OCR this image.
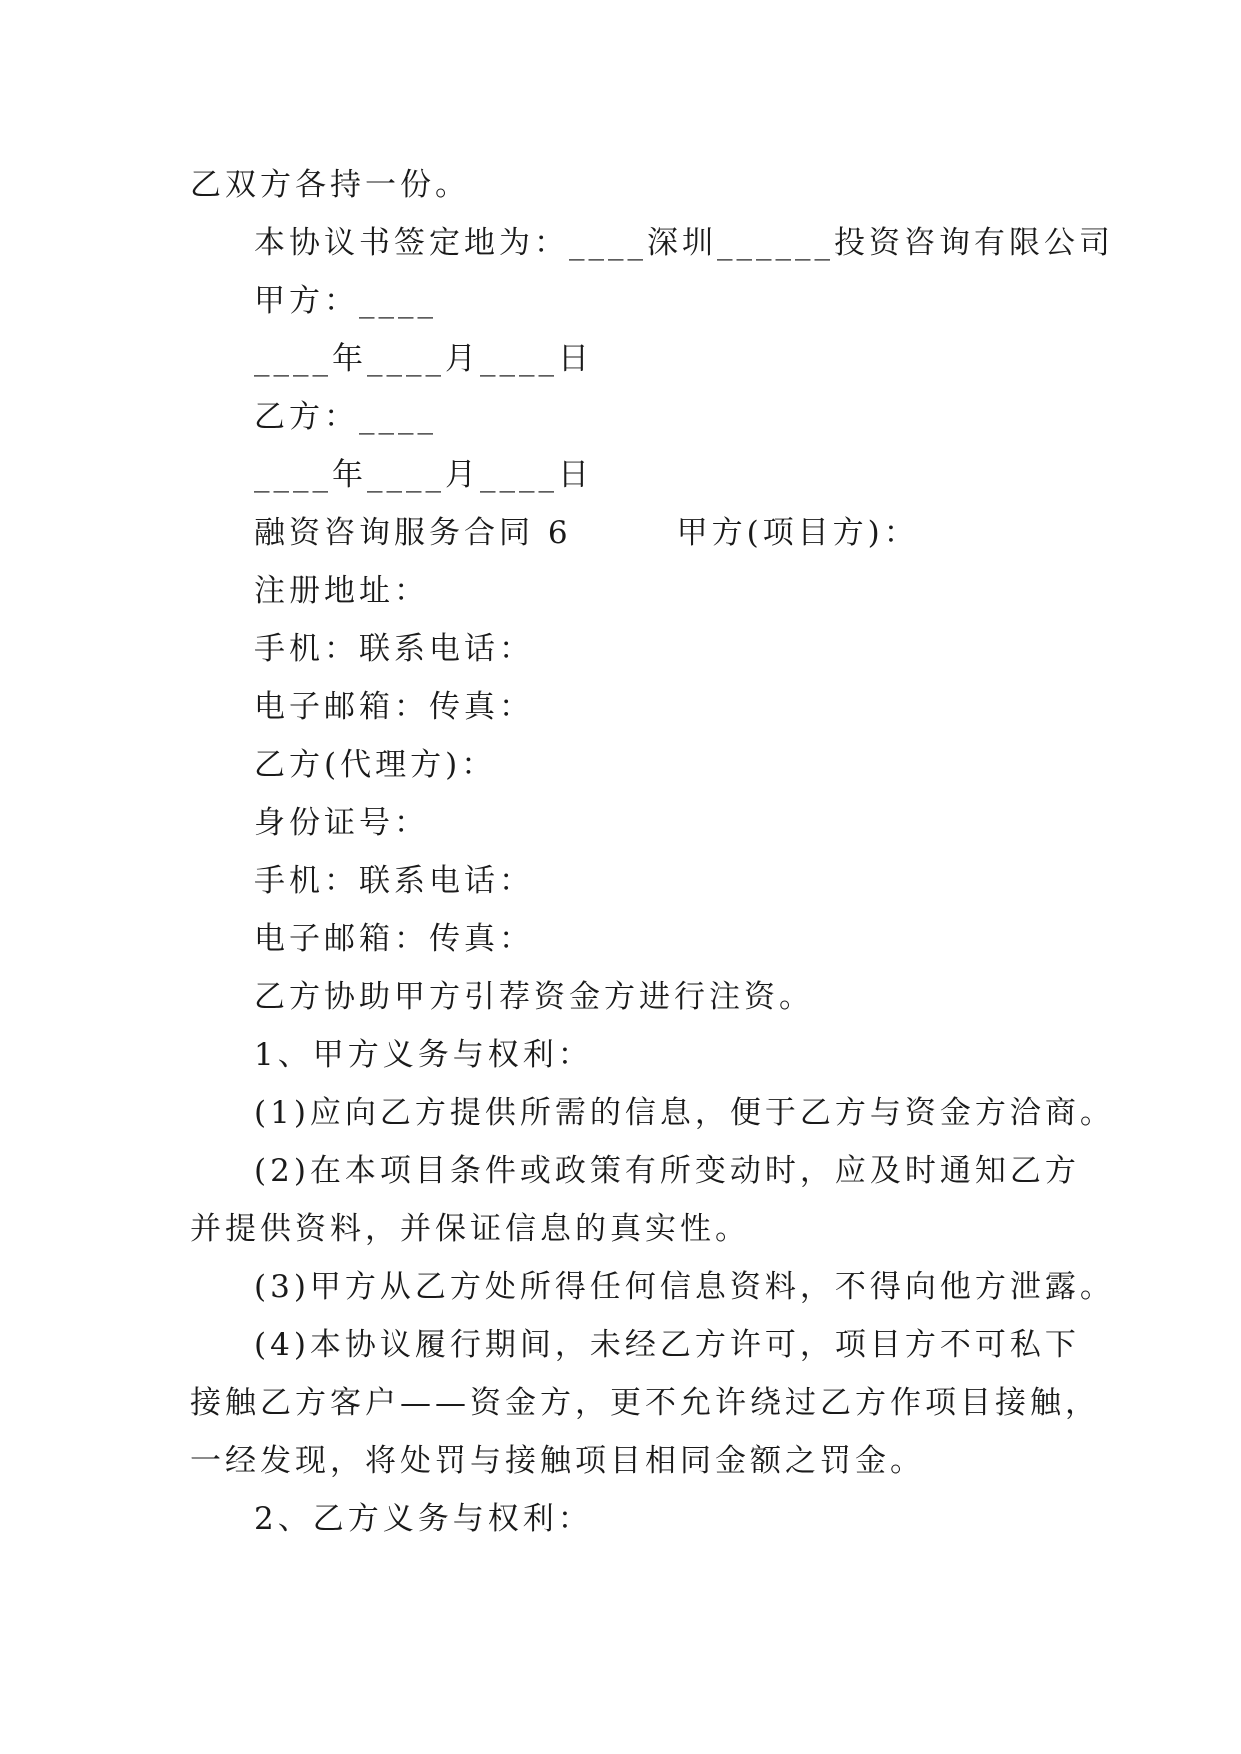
乙双方各持一份。
本协议书签定地为：____深圳______投资咨询有限公司
甲方：____
____年____月____日
乙方：____
____年____月____日
融资咨询服务合同 6　　　甲方(项目方)：
注册地址：
手机：联系电话：
电子邮箱：传真：
乙方(代理方)：
身份证号：
手机：联系电话：
电子邮箱：传真：
乙方协助甲方引荐资金方进行注资。
1、甲方义务与权利：
(1)应向乙方提供所需的信息，便于乙方与资金方洽商。
(2)在本项目条件或政策有所变动时，应及时通知乙方
并提供资料，并保证信息的真实性。
(3)甲方从乙方处所得任何信息资料，不得向他方泄露。
(4)本协议履行期间，未经乙方许可，项目方不可私下
接触乙方客户——资金方，更不允许绕过乙方作项目接触，
一经发现，将处罚与接触项目相同金额之罚金。
2、乙方义务与权利：
